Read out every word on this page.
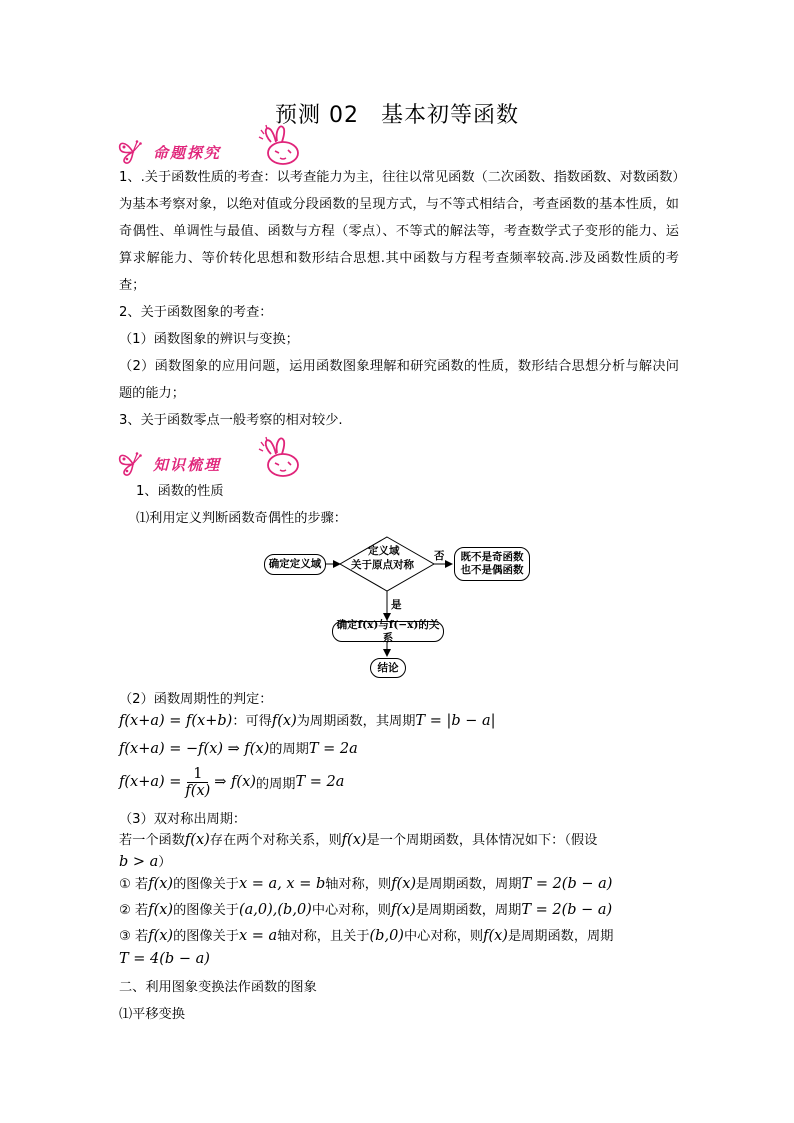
预测 02 基本初等函数
命题探究
1、.关于函数性质的考查：以考查能力为主，往往以常见函数（二次函数、指数函数、对数函数）为基本考察对象，以绝对值或分段函数的呈现方式，与不等式相结合，考查函数的基本性质，如奇偶性、单调性与最值、函数与方程（零点）、不等式的解法等，考查数学式子变形的能力、运算求解能力、等价转化思想和数形结合思想.其中函数与方程考查频率较高.涉及函数性质的考查；
2、关于函数图象的考查：
（1）函数图象的辨识与变换；
（2）函数图象的应用问题，运用函数图象理解和研究函数的性质，数形结合思想分析与解决问题的能力；
3、关于函数零点一般考察的相对较少.
知识梳理
1、函数的性质
⑴利用定义判断函数奇偶性的步骤：
确定定义域
定义域
关于原点对称
否 既不是奇函数
也不是偶函数
是
确定f(x)与f(−x)的关系
结论
（2）函数周期性的判定：
f(x+a) = f(x+b)：可得f(x)为周期函数，其周期T = |b − a|
f(x+a) = −f(x) ⇒ f(x)的周期T = 2a
$f(x+a) = \frac{1}{f(x)}$ ⇒ f(x) 的周期 T = 2a
（3）双对称出周期：
若一个函数f(x)存在两个对称关系，则f(x)是一个周期函数，具体情况如下：（假设
b > a）
① 若f(x)的图像关于x = a, x = b轴对称，则f(x)是周期函数，周期T = 2(b − a)
② 若f(x)的图像关于(a,0),(b,0)中心对称，则f(x)是周期函数，周期T = 2(b − a)
③ 若f(x)的图像关于x = a轴对称，且关于(b,0)中心对称，则f(x)是周期函数，周期
T = 4(b − a)
二、利用图象变换法作函数的图象
⑴平移变换
